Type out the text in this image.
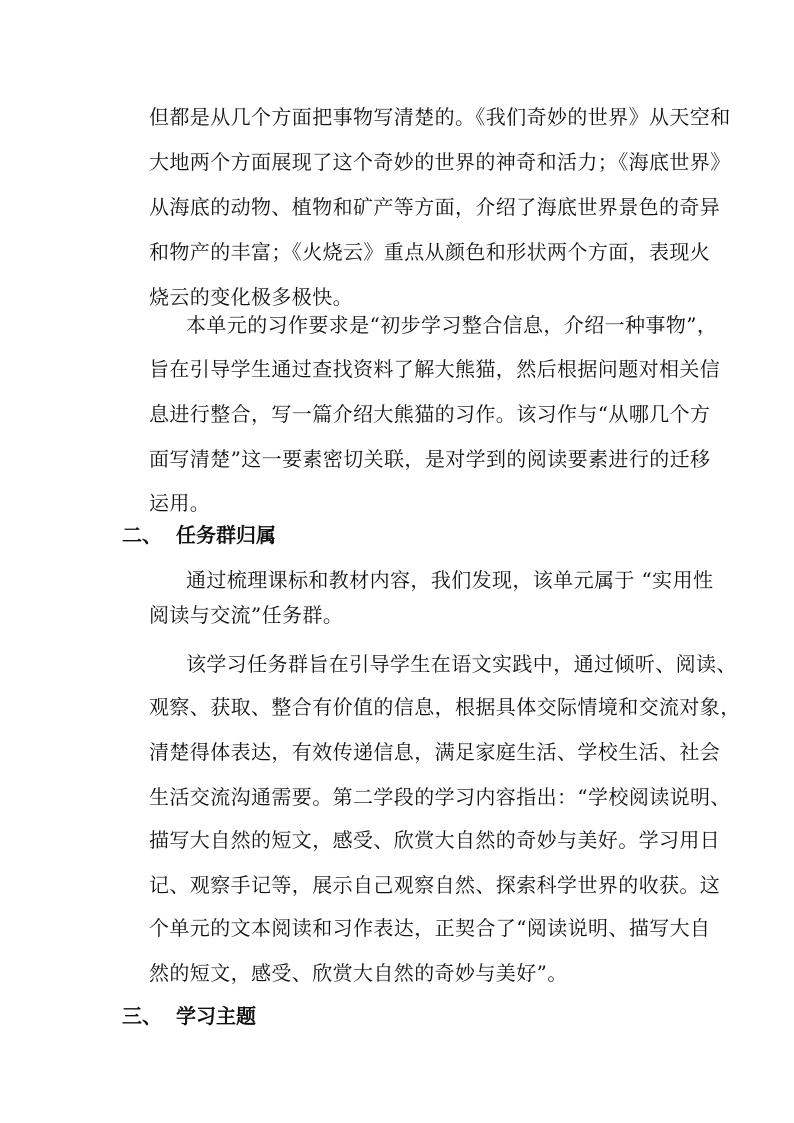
但都是从几个方面把事物写清楚的。《我们奇妙的世界》从天空和
大地两个方面展现了这个奇妙的世界的神奇和活力；《海底世界》
从海底的动物、植物和矿产等方面，介绍了海底世界景色的奇异
和物产的丰富；《火烧云》重点从颜色和形状两个方面，表现火
烧云的变化极多极快。
本单元的习作要求是“初步学习整合信息，介绍一种事物”，
旨在引导学生通过查找资料了解大熊猫，然后根据问题对相关信
息进行整合，写一篇介绍大熊猫的习作。该习作与“从哪几个方
面写清楚”这一要素密切关联，是对学到的阅读要素进行的迁移
运用。
二、 任务群归属
通过梳理课标和教材内容，我们发现，该单元属于 “实用性
阅读与交流”任务群。
该学习任务群旨在引导学生在语文实践中，通过倾听、阅读、
观察、获取、整合有价值的信息，根据具体交际情境和交流对象，
清楚得体表达，有效传递信息，满足家庭生活、学校生活、社会
生活交流沟通需要。第二学段的学习内容指出：“学校阅读说明、
描写大自然的短文，感受、欣赏大自然的奇妙与美好。学习用日
记、观察手记等，展示自己观察自然、探索科学世界的收获。这
个单元的文本阅读和习作表达，正契合了“阅读说明、描写大自
然的短文，感受、欣赏大自然的奇妙与美好”。
三、 学习主题
